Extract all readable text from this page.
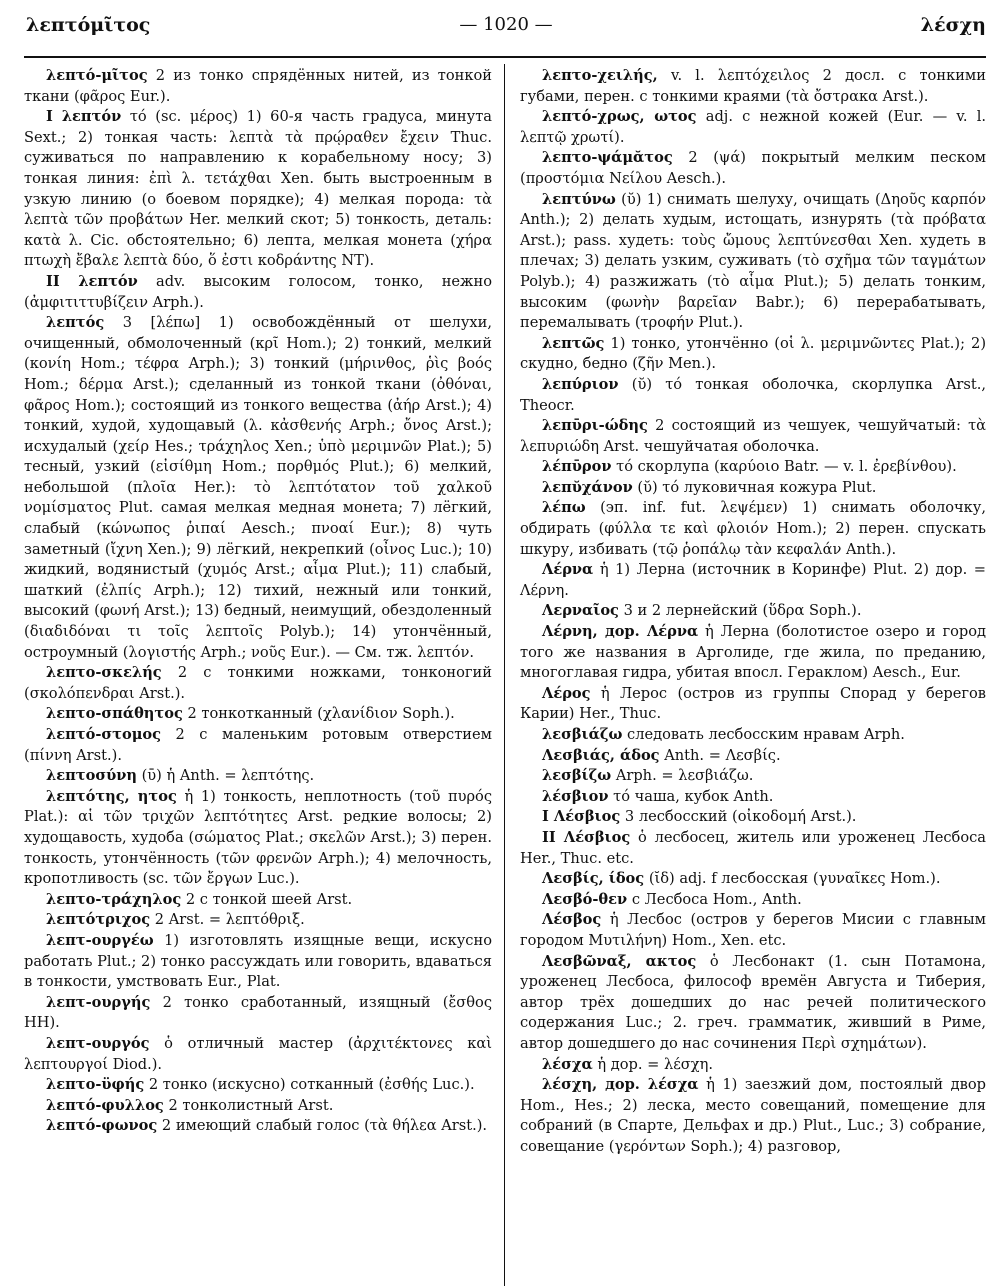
λεπτόμῖτος	— 1020 —	λέσχη

λεπτό-μῖτος 2 из тонко спрядённых нитей, из тонкой ткани (φᾶρος Eur.).

I λεπτόν τό (sc. μέρος) 1) 60-я часть градуса, минута Sext.; 2) тонкая часть: λεπτὰ τὰ πρῴραθεν ἔχειν Thuc. суживаться по направлению к корабельному носу; 3) тонкая линия: ἐπὶ λ. τετάχθαι Xen. быть выстроенным в узкую линию (о боевом порядке); 4) мелкая порода: τὰ λεπτὰ τῶν προβάτων Her. мелкий скот; 5) тонкость, деталь: κατὰ λ. Cic. обстоятельно; 6) лепта, мелкая монета (χήρα πτωχὴ ἔβαλε λεπτὰ δύο, ὅ ἐστι κοδράντης NT).

II λεπτόν adv. высоким голосом, тонко, нежно (ἀμφιτιττυβίζειν Arph.).

λεπτός 3 [λέπω] 1) освобождённый от шелухи, очищенный, обмолоченный (κρῖ Hom.); 2) тонкий, мелкий (κονίη Hom.; τέφρα Arph.); 3) тонкий (μήρινθος, ῥὶς βοός Hom.; δέρμα Arst.); сделанный из тонкой ткани (ὀθόναι, φᾶρος Hom.); состоящий из тонкого вещества (ἀήρ Arst.); 4) тонкий, худой, худощавый (λ. κἀσθενής Arph.; ὄνος Arst.); исхудалый (χείρ Hes.; τράχηλος Xen.; ὑπὸ μεριμνῶν Plat.); 5) тесный, узкий (εἰσίθμη Hom.; πορθμός Plut.); 6) мелкий, небольшой (πλοῖα Her.): τὸ λεπτότατον τοῦ χαλκοῦ νομίσματος Plut. самая мелкая медная монета; 7) лёгкий, слабый (κώνωπος ῥιπαί Aesch.; πνοαί Eur.); 8) чуть заметный (ἴχνη Xen.); 9) лёгкий, некрепкий (οἶνος Luc.); 10) жидкий, водянистый (χυμός Arst.; αἷμα Plut.); 11) слабый, шаткий (ἐλπίς Arph.); 12) тихий, нежный или тонкий, высокий (φωνή Arst.); 13) бедный, неимущий, обездоленный (διαδιδόναι τι τοῖς λεπτοῖς Polyb.); 14) утончённый, остроумный (λογιστής Arph.; νοῦς Eur.). — См. тж. λεπτόν.

λεπτο-σκελής 2 с тонкими ножками, тонконогий (σκολόπενδραι Arst.).

λεπτο-σπάθητος 2 тонкотканный (χλανίδιον Soph.).

λεπτό-στομος 2 с маленьким ротовым отверстием (πίννη Arst.).

λεπτοσύνη (ῡ) ἡ Anth. = λεπτότης.

λεπτότης, ητος ἡ 1) тонкость, неплотность (τοῦ πυρός Plat.): αἱ τῶν τριχῶν λεπτότητες Arst. редкие волосы; 2) худощавость, худоба (σώματος Plat.; σκελῶν Arst.); 3) перен. тонкость, утончённость (τῶν φρενῶν Arph.); 4) мелочность, кропотливость (sc. τῶν ἔργων Luc.).

λεπτο-τράχηλος 2 с тонкой шеей Arst.

λεπτότριχος 2 Arst. = λεπτόθριξ.

λεπτ-ουργέω 1) изготовлять изящные вещи, искусно работать Plut.; 2) тонко рассуждать или говорить, вдаваться в тонкости, умствовать Eur., Plat.

λεπτ-ουργής 2 тонко сработанный, изящный (ἔσθος HH).

λεπτ-ουργός ὁ отличный мастер (ἀρχιτέκτονες καὶ λεπτουργοί Diod.).

λεπτο-ϋφής 2 тонко (искусно) сотканный (ἐσθής Luc.).

λεπτό-φυλλος 2 тонколистный Arst.

λεπτό-φωνος 2 имеющий слабый голос (τὰ θήλεα Arst.).

λεπτο-χειλής, v. l. λεπτόχειλος 2 досл. с тонкими губами, перен. с тонкими краями (τὰ ὄστρακα Arst.).

λεπτό-χρως, ωτος adj. с нежной кожей (Eur. — v. l. λεπτῷ χρωτί).

λεπτο-ψάμᾰτος 2 (ψά) покрытый мелким песком (προστόμια Νείλου Aesch.).

λεπτύνω (ῠ) 1) снимать шелуху, очищать (Δηοῦς καρπόν Anth.); 2) делать худым, истощать, изнурять (τὰ πρόβατα Arst.); pass. худеть: τοὺς ὤμους λεπτύνεσθαι Xen. худеть в плечах; 3) делать узким, суживать (τὸ σχῆμα τῶν ταγμάτων Polyb.); 4) разжижать (τὸ αἷμα Plut.); 5) делать тонким, высоким (φωνὴν βαρεῖαν Babr.); 6) перерабатывать, перемалывать (τροφήν Plut.).

λεπτῶς 1) тонко, утончённо (οἱ λ. μεριμνῶντες Plat.); 2) скудно, бедно (ζῆν Men.).

λεπύριον (ῠ) τό тонкая оболочка, скорлупка Arst., Theocr.

λεπῡρι-ώδης 2 состоящий из чешуек, чешуйчатый: τὰ λεπυριώδη Arst. чешуйчатая оболочка.

λέπῡρον τό скорлупа (καρύοιο Batr. — v. l. ἐρεβίνθου).

λεπῠχάνον (ῠ) τό луковичная кожура Plut.

λέπω (эп. inf. fut. λεψέμεν) 1) снимать оболочку, обдирать (φύλλα τε καὶ φλοιόν Hom.); 2) перен. спускать шкуру, избивать (τῷ ῥοπάλῳ τὰν κεφαλάν Anth.).

Λέρνα ἡ 1) Лерна (источник в Коринфе) Plut. 2) дор. = Λέρνη.

Λερναῖος 3 и 2 лернейский (ὕδρα Soph.).

Λέρνη, дор. Λέρνα ἡ Лерна (болотистое озеро и город того же названия в Арголиде, где жила, по преданию, многоглавая гидра, убитая впосл. Гераклом) Aesch., Eur.

Λέρος ἡ Лерос (остров из группы Спорад у берегов Карии) Her., Thuc.

λεσβιάζω следовать лесбосским нравам Arph.

Λεσβιάς, άδος Anth. = Λεσβίς.

λεσβίζω Arph. = λεσβιάζω.

λέσβιον τό чаша, кубок Anth.

I Λέσβιος 3 лесбосский (οἰκοδομή Arst.).

II Λέσβιος ὁ лесбосец, житель или уроженец Лесбоса Her., Thuc. etc.

Λεσβίς, ίδος (ῐδ) adj. f лесбосская (γυναῖκες Hom.).

Λεσβό-θεν с Лесбоса Hom., Anth.

Λέσβος ἡ Лесбос (остров у берегов Мисии с главным городом Μυτιλήνη) Hom., Xen. etc.

Λεσβῶναξ, ακτος ὁ Лесбонакт (1. сын Потамона, уроженец Лесбоса, философ времён Августа и Тиберия, автор трёх дошедших до нас речей политического содержания Luc.; 2. греч. грамматик, живший в Риме, автор дошедшего до нас сочинения Περὶ σχημάτων).

λέσχα ἡ дор. = λέσχη.

λέσχη, дор. λέσχα ἡ 1) заезжий дом, постоялый двор Hom., Hes.; 2) леска, место совещаний, помещение для собраний (в Спарте, Дельфах и др.) Plut., Luc.; 3) собрание, совещание (γερόντων Soph.); 4) разговор,
